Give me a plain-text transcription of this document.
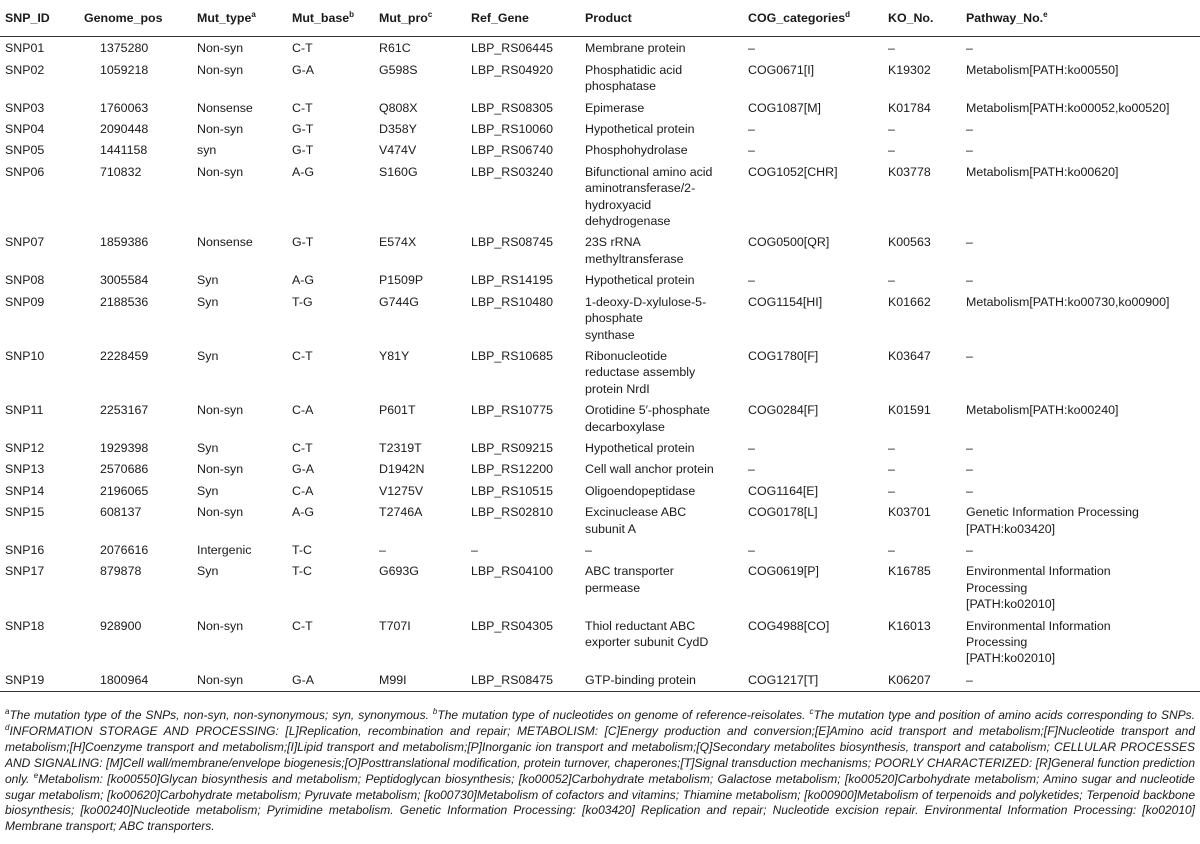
SNP_ID	Genome_pos	Mut_type$^a$	Mut_base$^b$	Mut_pro$^c$	Ref_Gene	Product	COG_categories$^d$	KO_No.	Pathway_No.$^e$
SNP01	1375280	Non-syn	C-T	R61C	LBP_RS06445	Membrane protein	–	–	–
SNP02	1059218	Non-syn	G-A	G598S	LBP_RS04920	Phosphatidic acid
phosphatase	COG0671[I]	K19302	Metabolism[PATH:ko00550]
SNP03	1760063	Nonsense	C-T	Q808X	LBP_RS08305	Epimerase	COG1087[M]	K01784	Metabolism[PATH:ko00052,ko00520]
SNP04	2090448	Non-syn	G-T	D358Y	LBP_RS10060	Hypothetical protein	–	–	–
SNP05	1441158	syn	G-T	V474V	LBP_RS06740	Phosphohydrolase	–	–	–
SNP06	710832	Non-syn	A-G	S160G	LBP_RS03240	Bifunctional amino acid
aminotransferase/2-
hydroxyacid
dehydrogenase	COG1052[CHR]	K03778	Metabolism[PATH:ko00620]
SNP07	1859386	Nonsense	G-T	E574X	LBP_RS08745	23S rRNA
methyltransferase	COG0500[QR]	K00563	–
SNP08	3005584	Syn	A-G	P1509P	LBP_RS14195	Hypothetical protein	–	–	–
SNP09	2188536	Syn	T-G	G744G	LBP_RS10480	1-deoxy-D-xylulose-5-
phosphate
synthase	COG1154[HI]	K01662	Metabolism[PATH:ko00730,ko00900]
SNP10	2228459	Syn	C-T	Y81Y	LBP_RS10685	Ribonucleotide
reductase assembly
protein NrdI	COG1780[F]	K03647	–
SNP11	2253167	Non-syn	C-A	P601T	LBP_RS10775	Orotidine 5′-phosphate
decarboxylase	COG0284[F]	K01591	Metabolism[PATH:ko00240]
SNP12	1929398	Syn	C-T	T2319T	LBP_RS09215	Hypothetical protein	–	–	–
SNP13	2570686	Non-syn	G-A	D1942N	LBP_RS12200	Cell wall anchor protein	–	–	–
SNP14	2196065	Syn	C-A	V1275V	LBP_RS10515	Oligoendopeptidase	COG1164[E]	–	–
SNP15	608137	Non-syn	A-G	T2746A	LBP_RS02810	Excinuclease ABC
subunit A	COG0178[L]	K03701	Genetic Information Processing
[PATH:ko03420]
SNP16	2076616	Intergenic	T-C	–	–	–	–	–	–
SNP17	879878	Syn	T-C	G693G	LBP_RS04100	ABC transporter
permease	COG0619[P]	K16785	Environmental Information
Processing
[PATH:ko02010]
SNP18	928900	Non-syn	C-T	T707I	LBP_RS04305	Thiol reductant ABC
exporter subunit CydD	COG4988[CO]	K16013	Environmental Information
Processing
[PATH:ko02010]
SNP19	1800964	Non-syn	G-A	M99I	LBP_RS08475	GTP-binding protein	COG1217[T]	K06207	–
$^a$The mutation type of the SNPs, non-syn, non-synonymous; syn, synonymous. $^b$The mutation type of nucleotides on genome of reference-reisolates. $^c$The mutation type and position of amino acids corresponding to SNPs. $^d$INFORMATION STORAGE AND PROCESSING: [L]Replication, recombination and repair; METABOLISM: [C]Energy production and conversion;[E]Amino acid transport and metabolism;[F]Nucleotide transport and metabolism;[H]Coenzyme transport and metabolism;[I]Lipid transport and metabolism;[P]Inorganic ion transport and metabolism;[Q]Secondary metabolites biosynthesis, transport and catabolism; CELLULAR PROCESSES AND SIGNALING: [M]Cell wall/membrane/envelope biogenesis;[O]Posttranslational modification, protein turnover, chaperones;[T]Signal transduction mechanisms; POORLY CHARACTERIZED: [R]General function prediction only. $^e$Metabolism: [ko00550]Glycan biosynthesis and metabolism; Peptidoglycan biosynthesis; [ko00052]Carbohydrate metabolism; Galactose metabolism; [ko00520]Carbohydrate metabolism; Amino sugar and nucleotide sugar metabolism; [ko00620]Carbohydrate metabolism; Pyruvate metabolism; [ko00730]Metabolism of cofactors and vitamins; Thiamine metabolism; [ko00900]Metabolism of terpenoids and polyketides; Terpenoid backbone biosynthesis; [ko00240]Nucleotide metabolism; Pyrimidine metabolism. Genetic Information Processing: [ko03420] Replication and repair; Nucleotide excision repair. Environmental Information Processing: [ko02010] Membrane transport; ABC transporters.
